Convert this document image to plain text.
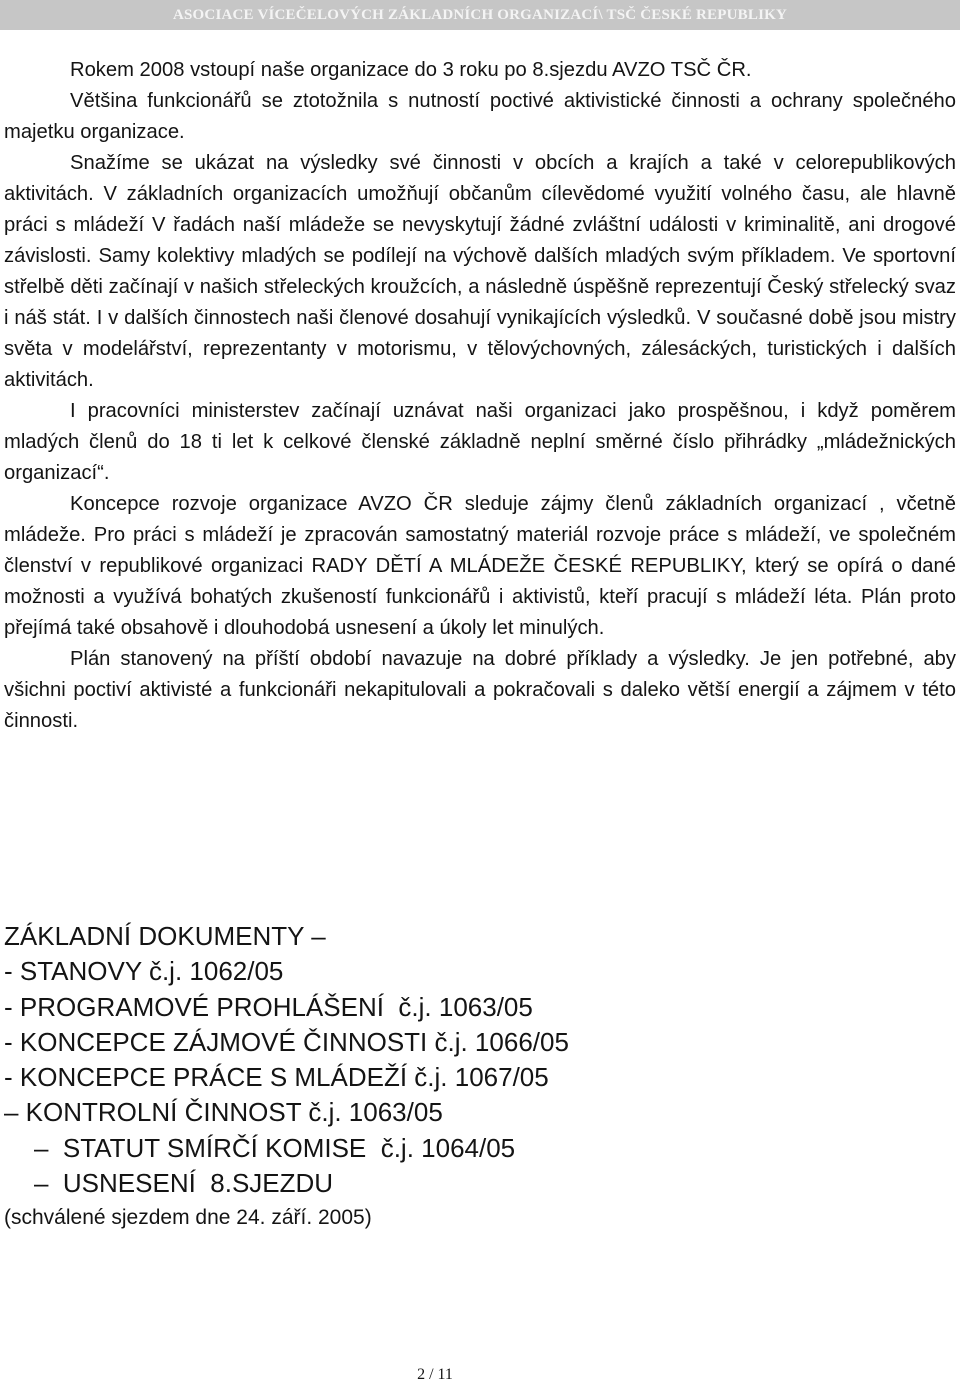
ASOCIACE VÍCEČELOVÝCH ZÁKLADNÍCH ORGANIZACÍ\ TSČ ČESKÉ REPUBLIKY

Rokem 2008 vstoupí naše organizace do 3 roku po 8.sjezdu AVZO TSČ ČR.

Většina funkcionářů se ztotožnila s nutností poctivé aktivistické činnosti a ochrany společného majetku organizace.

Snažíme se ukázat na výsledky své činnosti v obcích a krajích a také v celorepublikových aktivitách. V základních organizacích umožňují občanům cílevědomé využití volného času, ale hlavně práci s mládeží V řadách naší mládeže se nevyskytují žádné zvláštní události v kriminalitě, ani drogové závislosti. Samy kolektivy mladých se podílejí na výchově dalších mladých svým příkladem. Ve sportovní střelbě děti začínají v našich střeleckých kroužcích, a následně úspěšně reprezentují Český střelecký svaz i náš stát. I v dalších činnostech naši členové dosahují vynikajících výsledků. V současné době jsou mistry světa v modelářství, reprezentanty v motorismu, v tělovýchovných, zálesáckých, turistických i dalších aktivitách.

I pracovníci ministerstev začínají uznávat naši organizaci jako prospěšnou, i když poměrem mladých členů do 18 ti let k celkové členské základně neplní směrné číslo přihrádky „mládežnických organizací“.

Koncepce rozvoje organizace AVZO ČR sleduje zájmy členů základních organizací , včetně mládeže. Pro práci s mládeží je zpracován samostatný materiál rozvoje práce s mládeží, ve společném členství v republikové organizaci RADY DĚTÍ A MLÁDEŽE ČESKÉ REPUBLIKY, který se opírá o dané možnosti a využívá bohatých zkušeností funkcionářů i aktivistů, kteří pracují s mládeží léta. Plán proto přejímá také obsahově i dlouhodobá usnesení a úkoly let minulých.

Plán stanovený na příští období navazuje na dobré příklady a výsledky. Je jen potřebné, aby všichni poctiví aktivisté a funkcionáři nekapitulovali a pokračovali s daleko větší energií a zájmem v této činnosti.

ZÁKLADNÍ DOKUMENTY –
- STANOVY č.j. 1062/05
- PROGRAMOVÉ PROHLÁŠENÍ  č.j. 1063/05
- KONCEPCE ZÁJMOVÉ ČINNOSTI č.j. 1066/05
- KONCEPCE PRÁCE S MLÁDEŽÍ č.j. 1067/05
– KONTROLNÍ ČINNOST č.j. 1063/05
–  STATUT SMÍRČÍ KOMISE  č.j. 1064/05
–  USNESENÍ  8.SJEZDU
(schválené sjezdem dne 24. září. 2005)
2 / 11
